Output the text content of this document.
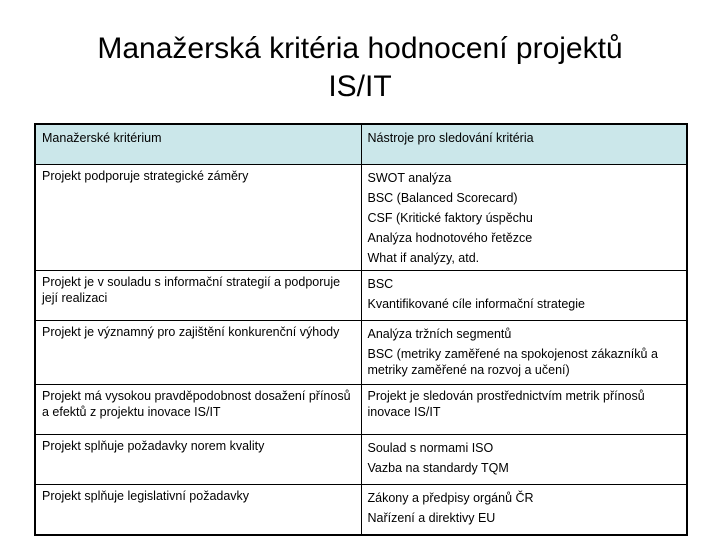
Manažerská kritéria hodnocení projektů
IS/IT
Manažerské kritérium	Nástroje pro sledování kritéria
Projekt podporuje strategické záměry	SWOT analýza
BSC (Balanced Scorecard)
CSF (Kritické faktory úspěchu
Analýza hodnotového řetězce
What if analýzy, atd.

Projekt je v souladu s informační strategií a podporuje její realizaci	BSC
Kvantifikované cíle informační strategie

Projekt je významný pro zajištění konkurenční výhody	Analýza tržních segmentů
BSC (metriky zaměřené na spokojenost zákazníků a metriky zaměřené na rozvoj a učení)

Projekt má vysokou pravděpodobnost dosažení přínosů a efektů z projektu inovace IS/IT	Projekt je sledován prostřednictvím metrik přínosů inovace IS/IT

Projekt splňuje požadavky norem kvality	Soulad s normami ISO
Vazba na standardy TQM

Projekt splňuje legislativní požadavky	Zákony a předpisy orgánů ČR
Nařízení a direktivy EU
